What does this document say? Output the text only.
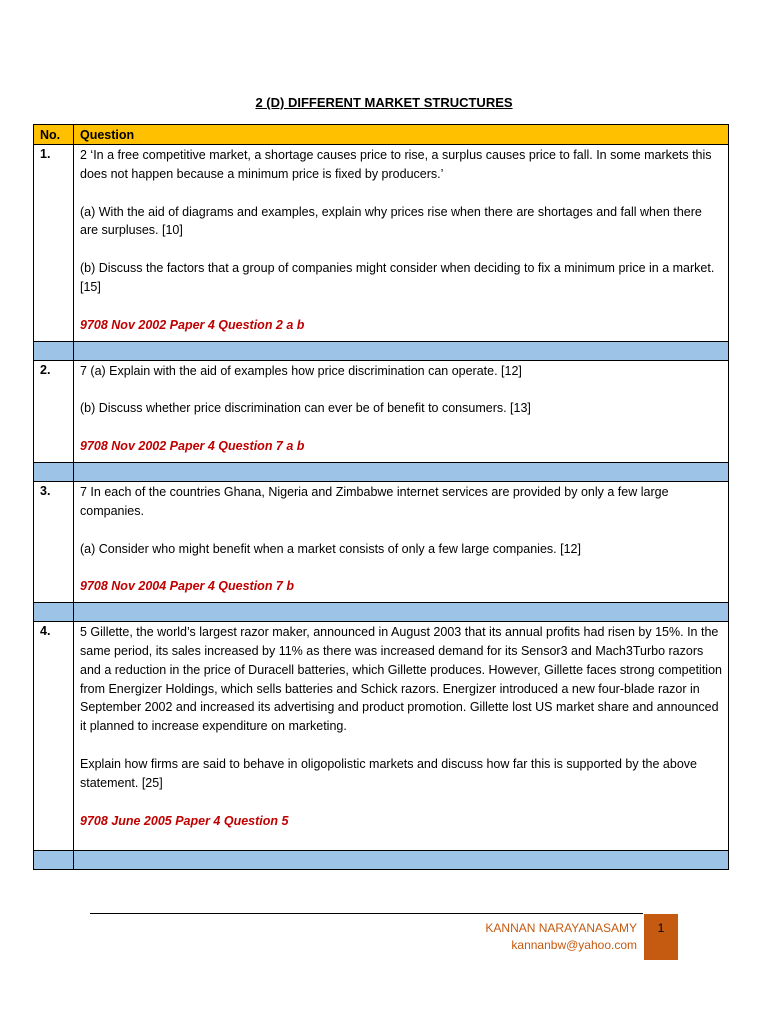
2 (D) DIFFERENT MARKET STRUCTURES
No.	Question
1.	2 ‘In a free competitive market, a shortage causes price to rise, a surplus causes price to fall. In some markets this does not happen because a minimum price is fixed by producers.’

(a) With the aid of diagrams and examples, explain why prices rise when there are shortages and fall when there are surpluses. [10]

(b) Discuss the factors that a group of companies might consider when deciding to fix a minimum price in a market. [15]

9708 Nov 2002 Paper 4 Question 2 a b

2.	7 (a) Explain with the aid of examples how price discrimination can operate. [12]

(b) Discuss whether price discrimination can ever be of benefit to consumers. [13]

9708 Nov 2002 Paper 4 Question 7 a b

3.	7 In each of the countries Ghana, Nigeria and Zimbabwe internet services are provided by only a few large companies.

(a) Consider who might benefit when a market consists of only a few large companies. [12]

9708 Nov 2004 Paper 4 Question 7 b

4.	5 Gillette, the world’s largest razor maker, announced in August 2003 that its annual profits had risen by 15%. In the same period, its sales increased by 11% as there was increased demand for its Sensor3 and Mach3Turbo razors and a reduction in the price of Duracell batteries, which Gillette produces. However, Gillette faces strong competition from Energizer Holdings, which sells batteries and Schick razors. Energizer introduced a new four-blade razor in September 2002 and increased its advertising and product promotion. Gillette lost US market share and announced it planned to increase expenditure on marketing.

Explain how firms are said to behave in oligopolistic markets and discuss how far this is supported by the above statement. [25]

9708 June 2005 Paper 4 Question 5

KANNAN NARAYANASAMY
kannanbw@yahoo.com
1
